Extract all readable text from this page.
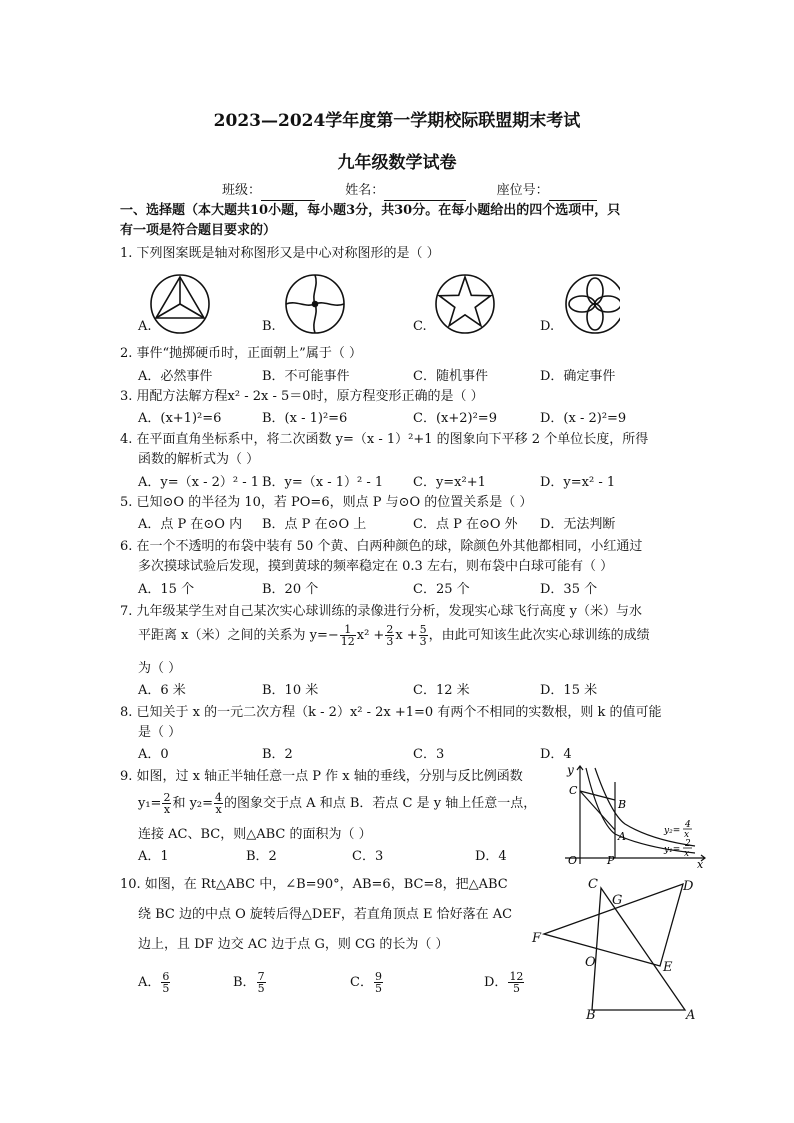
2023—2024学年度第一学期校际联盟期末考试
九年级数学试卷
班级：	姓名：	座位号：
一、选择题（本大题共10小题，每小题3分，共30分。在每小题给出的四个选项中，只
有一项是符合题目要求的）
1. 下列图案既是轴对称图形又是中心对称图形的是（ ）
A.	B.	C.	D.
2. 事件“抛掷硬币时，正面朝上”属于（ ）
A．必然事件	B．不可能事件	C．随机事件	D．确定事件
3. 用配方法解方程x² - 2x - 5＝0时，原方程变形正确的是（ ）
A．(x+1)²=6	B．(x - 1)²=6	C．(x+2)²=9	D．(x - 2)²=9
4. 在平面直角坐标系中，将二次函数 y=（x - 1）²+1 的图象向下平移 2 个单位长度，所得
函数的解析式为（ ）
A．y=（x - 2）² - 1 B．y=（x - 1）² - 1 C．y=x²+1	D．y=x² - 1
5. 已知⊙O 的半径为 10，若 PO=6，则点 P 与⊙O 的位置关系是（ ）
A．点 P 在⊙O 内 B．点 P 在⊙O 上	C．点 P 在⊙O 外 D．无法判断
6. 在一个不透明的布袋中装有 50 个黄、白两种颜色的球，除颜色外其他都相同，小红通过
多次摸球试验后发现，摸到黄球的频率稳定在 0.3 左右，则布袋中白球可能有（ ）
A．15 个	B．20 个	C．25 个	D．35 个
7. 九年级某学生对自己某次实心球训练的录像进行分析，发现实心球飞行高度 y（米）与水
平距离 x（米）之间的关系为 $y=- \frac{1}{12} x^2 + \frac{2}{3}$ $x + \frac{5}{3}$ ，由此可知该生此次实心球训练的成绩
为（ ）
A．6 米	B．10 米	C．12 米	D．15 米
8. 已知关于 x 的一元二次方程（k - 2）x² - 2x +1=0 有两个不相同的实数根，则 k 的值可能
是（ ）
A．0	B．2	C．3	D．4
9. 如图，过 x 轴正半轴任意一点 P 作 x 轴的垂线，分别与反比例函数
$y_1= \frac{2}{x}$ 和 $y_2= \frac{4}{x}$ 的图象交于点 A 和点 B．若点 C 是 y 轴上任意一点，
连接 AC、BC，则△ABC 的面积为（ ）
A．1	B．2	C．3	D．4
y
x
O	P
C
B
A	y₂=
4
x
y₁=
2
x
10. 如图，在 Rt△ABC 中，∠B=90°，AB=6，BC=8，把△ABC
绕 BC 边的中点 O 旋转后得△DEF，若直角顶点 E 恰好落在 AC
边上，且 DF 边交 AC 边于点 G，则 CG 的长为（ ）
A． $\frac{6}{5}$	B． $\frac{7}{5}$	C． $\frac{9}{5}$	D． $\frac{12}{5}$
C
G
D
F
O	E
B	A
